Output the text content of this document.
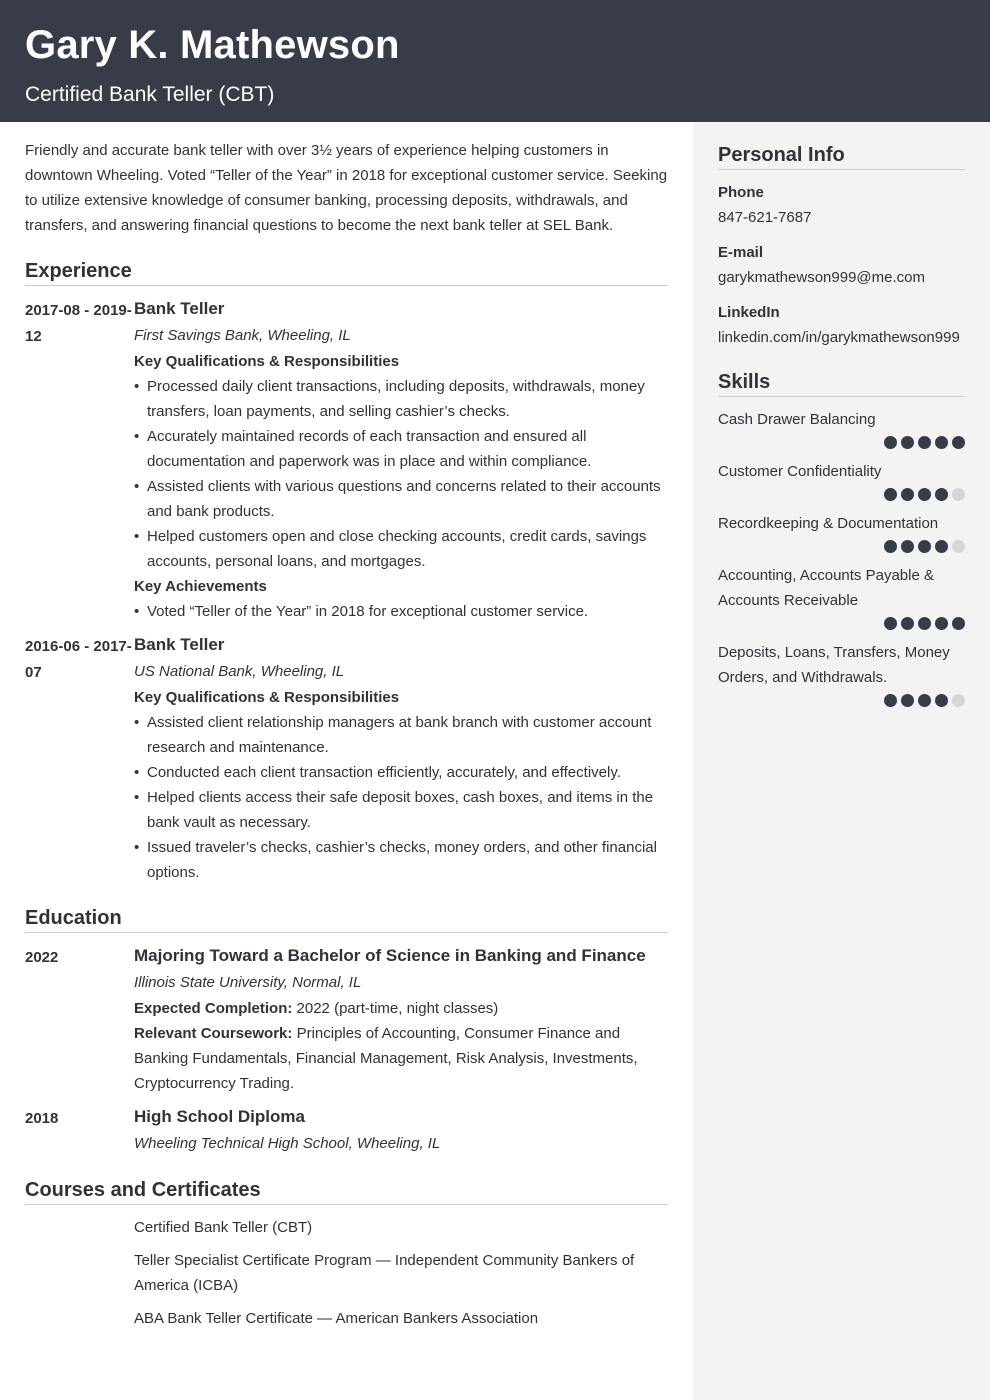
Gary K. Mathewson
Certified Bank Teller (CBT)

Friendly and accurate bank teller with over 3½ years of experience helping customers in downtown Wheeling. Voted “Teller of the Year” in 2018 for exceptional customer service. Seeking to utilize extensive knowledge of consumer banking, processing deposits, withdrawals, and transfers, and answering financial questions to become the next bank teller at SEL Bank.

Experience
2017-08 - 2019-12
Bank Teller
First Savings Bank, Wheeling, IL
Key Qualifications & Responsibilities
• Processed daily client transactions, including deposits, withdrawals, money transfers, loan payments, and selling cashier’s checks.
• Accurately maintained records of each transaction and ensured all documentation and paperwork was in place and within compliance.
• Assisted clients with various questions and concerns related to their accounts and bank products.
• Helped customers open and close checking accounts, credit cards, savings accounts, personal loans, and mortgages.
Key Achievements
• Voted “Teller of the Year” in 2018 for exceptional customer service.
2016-06 - 2017-07
Bank Teller
US National Bank, Wheeling, IL
Key Qualifications & Responsibilities
• Assisted client relationship managers at bank branch with customer account research and maintenance.
• Conducted each client transaction efficiently, accurately, and effectively.
• Helped clients access their safe deposit boxes, cash boxes, and items in the bank vault as necessary.
• Issued traveler’s checks, cashier’s checks, money orders, and other financial options.
Education
2022	Majoring Toward a Bachelor of Science in Banking and Finance
Illinois State University, Normal, IL
Expected Completion: 2022 (part-time, night classes)
Relevant Coursework: Principles of Accounting, Consumer Finance and Banking Fundamentals, Financial Management, Risk Analysis, Investments, Cryptocurrency Trading.
2018	High School Diploma
Wheeling Technical High School, Wheeling, IL
Courses and Certificates
Certified Bank Teller (CBT)
Teller Specialist Certificate Program — Independent Community Bankers of America (ICBA)
ABA Bank Teller Certificate — American Bankers Association
Personal Info
Phone
847-621-7687
E-mail
garykmathewson999@me.com
LinkedIn
linkedin.com/in/garykmathewson999
Skills
Cash Drawer Balancing
Customer Confidentiality
Recordkeeping & Documentation
Accounting, Accounts Payable & Accounts Receivable
Deposits, Loans, Transfers, Money Orders, and Withdrawals.
